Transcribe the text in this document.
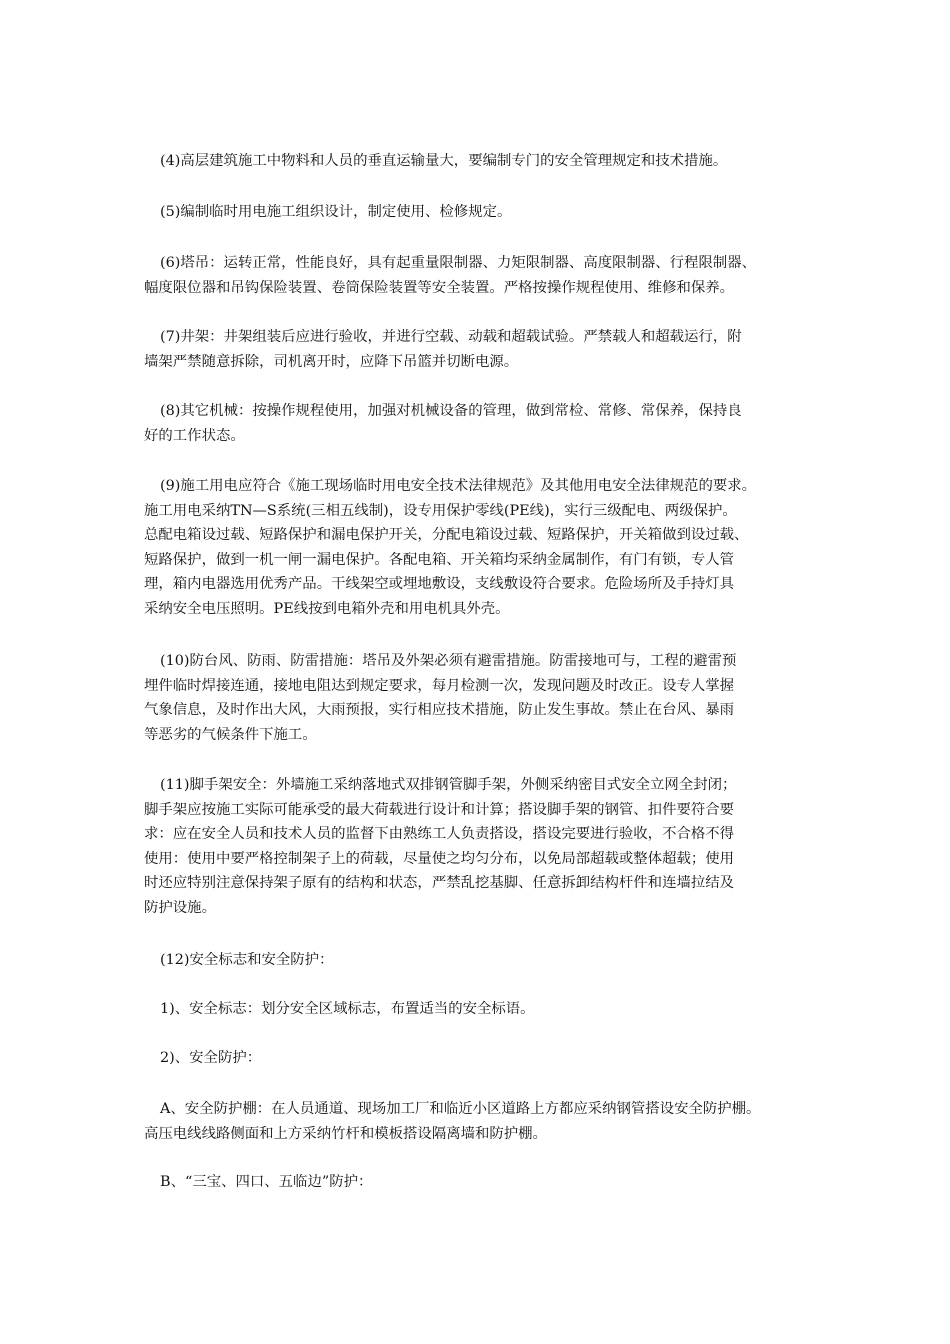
(4)高层建筑施工中物料和人员的垂直运输量大，要编制专门的安全管理规定和技术措施。

(5)编制临时用电施工组织设计，制定使用、检修规定。

(6)塔吊：运转正常，性能良好，具有起重量限制器、力矩限制器、高度限制器、行程限制器、
幅度限位器和吊钩保险装置、卷筒保险装置等安全装置。严格按操作规程使用、维修和保养。

(7)井架：井架组装后应进行验收，并进行空载、动载和超载试验。严禁载人和超载运行，附
墙架严禁随意拆除，司机离开时，应降下吊篮并切断电源。

(8)其它机械：按操作规程使用，加强对机械设备的管理，做到常检、常修、常保养，保持良
好的工作状态。

(9)施工用电应符合《施工现场临时用电安全技术法律规范》及其他用电安全法律规范的要求。
施工用电采纳TN—S系统(三相五线制)，设专用保护零线(PE线)，实行三级配电、两级保护。
总配电箱设过载、短路保护和漏电保护开关，分配电箱设过载、短路保护，开关箱做到设过载、
短路保护，做到一机一闸一漏电保护。各配电箱、开关箱均采纳金属制作，有门有锁，专人管
理，箱内电器选用优秀产品。干线架空或埋地敷设，支线敷设符合要求。危险场所及手持灯具
采纳安全电压照明。PE线按到电箱外壳和用电机具外壳。

(10)防台风、防雨、防雷措施：塔吊及外架必须有避雷措施。防雷接地可与，工程的避雷预
埋件临时焊接连通，接地电阻达到规定要求，每月检测一次，发现问题及时改正。设专人掌握
气象信息，及时作出大风，大雨预报，实行相应技术措施，防止发生事故。禁止在台风、暴雨
等恶劣的气候条件下施工。

(11)脚手架安全：外墙施工采纳落地式双排钢管脚手架，外侧采纳密目式安全立网全封闭；
脚手架应按施工实际可能承受的最大荷载进行设计和计算；搭设脚手架的钢管、扣件要符合要
求：应在安全人员和技术人员的监督下由熟练工人负责搭设，搭设完要进行验收，不合格不得
使用：使用中要严格控制架子上的荷载，尽量使之均匀分布，以免局部超载或整体超载；使用
时还应特别注意保持架子原有的结构和状态，严禁乱挖基脚、任意拆卸结构杆件和连墙拉结及
防护设施。

(12)安全标志和安全防护：

1)、安全标志：划分安全区域标志，布置适当的安全标语。

2)、安全防护：

A、安全防护棚：在人员通道、现场加工厂和临近小区道路上方都应采纳钢管搭设安全防护棚。
高压电线线路侧面和上方采纳竹杆和模板搭设隔离墙和防护棚。

B、“三宝、四口、五临边”防护：
